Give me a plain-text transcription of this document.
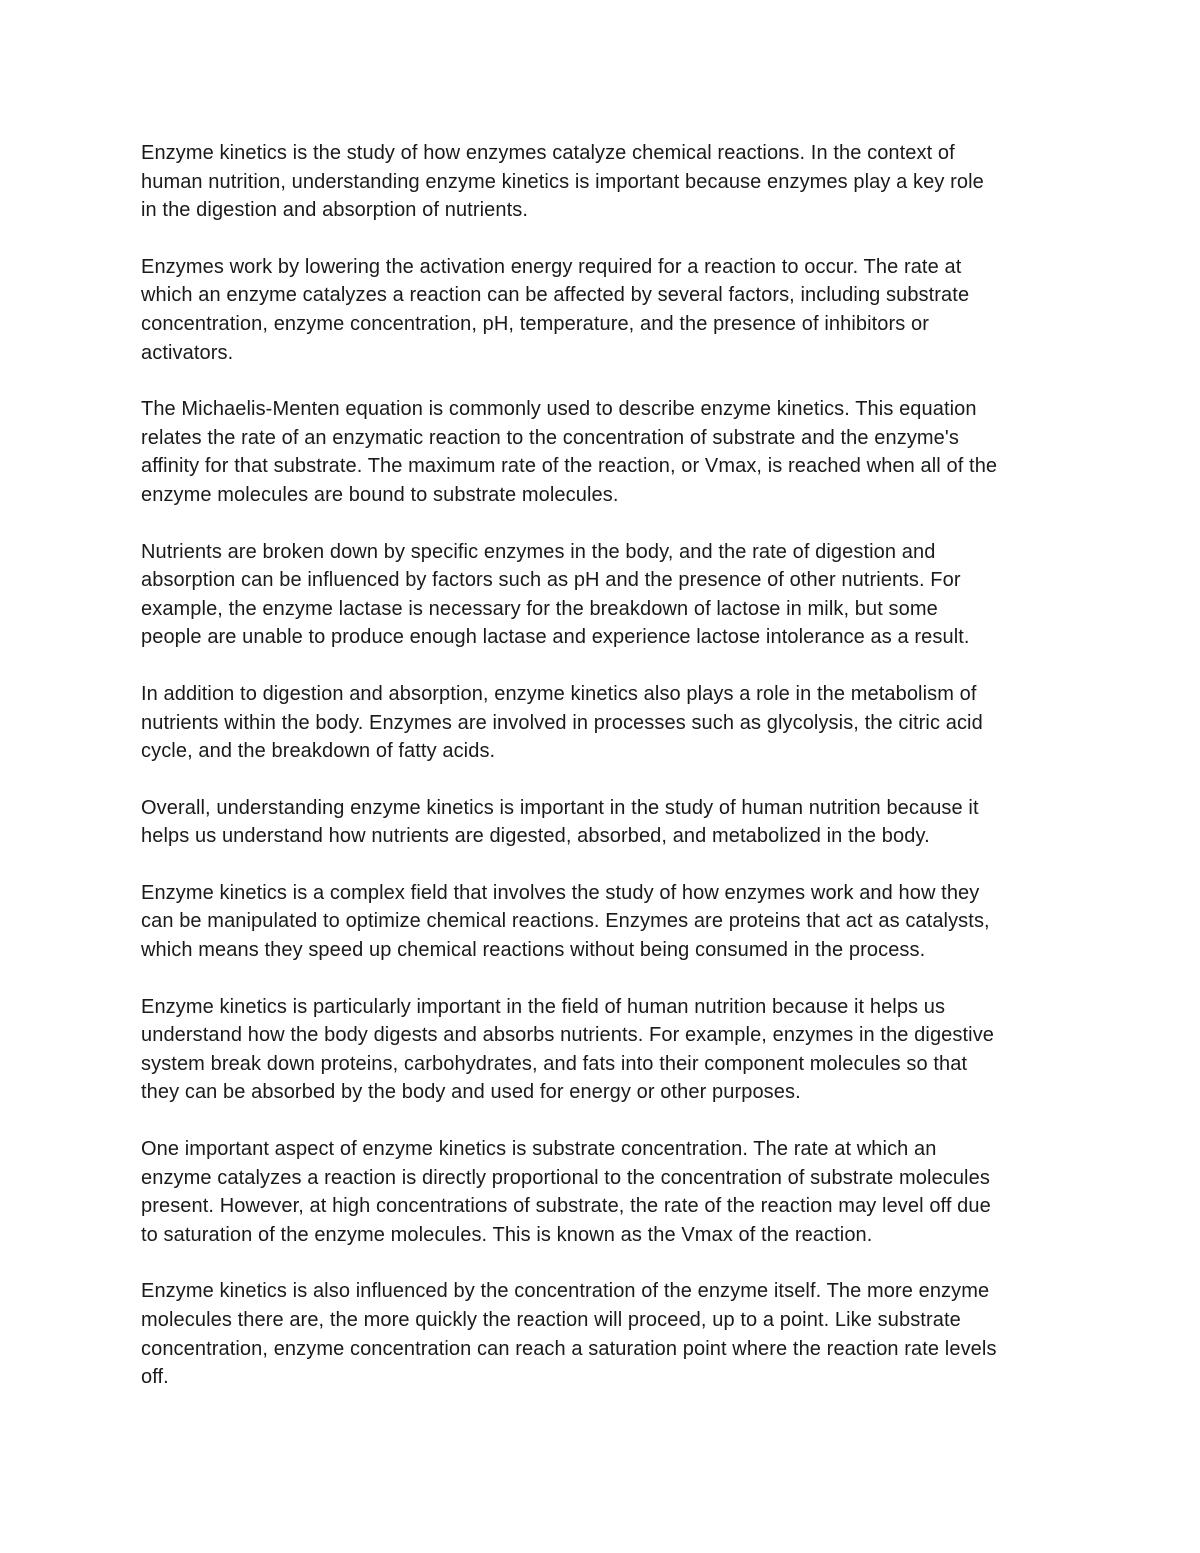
Enzyme kinetics is the study of how enzymes catalyze chemical reactions. In the context of
human nutrition, understanding enzyme kinetics is important because enzymes play a key role
in the digestion and absorption of nutrients.

Enzymes work by lowering the activation energy required for a reaction to occur. The rate at
which an enzyme catalyzes a reaction can be affected by several factors, including substrate
concentration, enzyme concentration, pH, temperature, and the presence of inhibitors or
activators.

The Michaelis-Menten equation is commonly used to describe enzyme kinetics. This equation
relates the rate of an enzymatic reaction to the concentration of substrate and the enzyme's
affinity for that substrate. The maximum rate of the reaction, or Vmax, is reached when all of the
enzyme molecules are bound to substrate molecules.

Nutrients are broken down by specific enzymes in the body, and the rate of digestion and
absorption can be influenced by factors such as pH and the presence of other nutrients. For
example, the enzyme lactase is necessary for the breakdown of lactose in milk, but some
people are unable to produce enough lactase and experience lactose intolerance as a result.

In addition to digestion and absorption, enzyme kinetics also plays a role in the metabolism of
nutrients within the body. Enzymes are involved in processes such as glycolysis, the citric acid
cycle, and the breakdown of fatty acids.

Overall, understanding enzyme kinetics is important in the study of human nutrition because it
helps us understand how nutrients are digested, absorbed, and metabolized in the body.

Enzyme kinetics is a complex field that involves the study of how enzymes work and how they
can be manipulated to optimize chemical reactions. Enzymes are proteins that act as catalysts,
which means they speed up chemical reactions without being consumed in the process.

Enzyme kinetics is particularly important in the field of human nutrition because it helps us
understand how the body digests and absorbs nutrients. For example, enzymes in the digestive
system break down proteins, carbohydrates, and fats into their component molecules so that
they can be absorbed by the body and used for energy or other purposes.

One important aspect of enzyme kinetics is substrate concentration. The rate at which an
enzyme catalyzes a reaction is directly proportional to the concentration of substrate molecules
present. However, at high concentrations of substrate, the rate of the reaction may level off due
to saturation of the enzyme molecules. This is known as the Vmax of the reaction.

Enzyme kinetics is also influenced by the concentration of the enzyme itself. The more enzyme
molecules there are, the more quickly the reaction will proceed, up to a point. Like substrate
concentration, enzyme concentration can reach a saturation point where the reaction rate levels
off.
